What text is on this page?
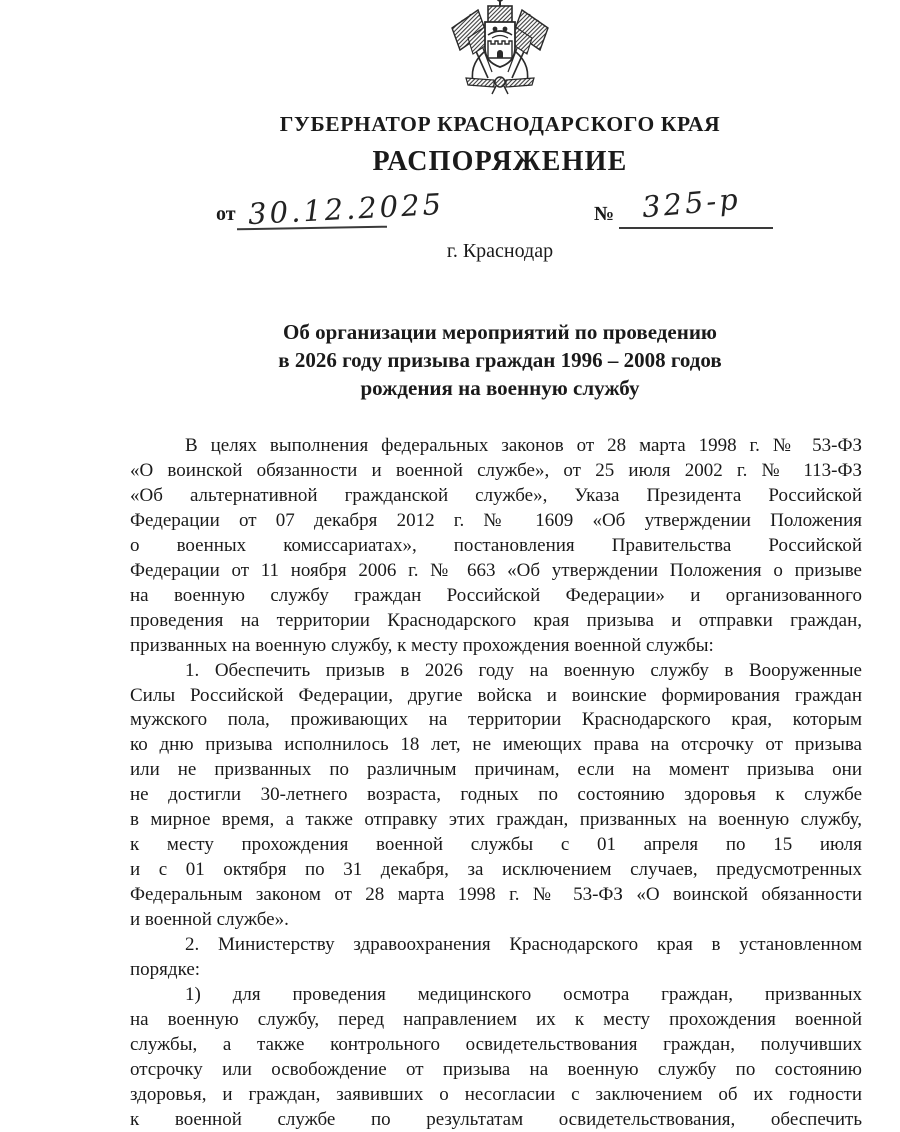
ГУБЕРНАТОР КРАСНОДАРСКОГО КРАЯ
РАСПОРЯЖЕНИЕ
от 30.12.2025	№ 325-р
г. Краснодар
Об организации мероприятий по проведению
в 2026 году призыва граждан 1996 – 2008 годов
рождения на военную службу
В целях выполнения федеральных законов от 28 марта 1998 г. № 53-ФЗ
«О воинской обязанности и военной службе», от 25 июля 2002 г. № 113-ФЗ
«Об альтернативной гражданской службе», Указа Президента Российской
Федерации от 07 декабря 2012 г. № 1609 «Об утверждении Положения
о военных комиссариатах», постановления Правительства Российской
Федерации от 11 ноября 2006 г. № 663 «Об утверждении Положения о призыве
на военную службу граждан Российской Федерации» и организованного
проведения на территории Краснодарского края призыва и отправки граждан,
призванных на военную службу, к месту прохождения военной службы:
1. Обеспечить призыв в 2026 году на военную службу в Вооруженные
Силы Российской Федерации, другие войска и воинские формирования граждан
мужского пола, проживающих на территории Краснодарского края, которым
ко дню призыва исполнилось 18 лет, не имеющих права на отсрочку от призыва
или не призванных по различным причинам, если на момент призыва они
не достигли 30-летнего возраста, годных по состоянию здоровья к службе
в мирное время, а также отправку этих граждан, призванных на военную службу,
к месту прохождения военной службы с 01 апреля по 15 июля
и с 01 октября по 31 декабря, за исключением случаев, предусмотренных
Федеральным законом от 28 марта 1998 г. № 53-ФЗ «О воинской обязанности
и военной службе».
2. Министерству здравоохранения Краснодарского края в установленном
порядке:
1) для проведения медицинского осмотра граждан, призванных
на военную службу, перед направлением их к месту прохождения военной
службы, а также контрольного освидетельствования граждан, получивших
отсрочку или освобождение от призыва на военную службу по состоянию
здоровья, и граждан, заявивших о несогласии с заключением об их годности
к военной службе по результатам освидетельствования, обеспечить
